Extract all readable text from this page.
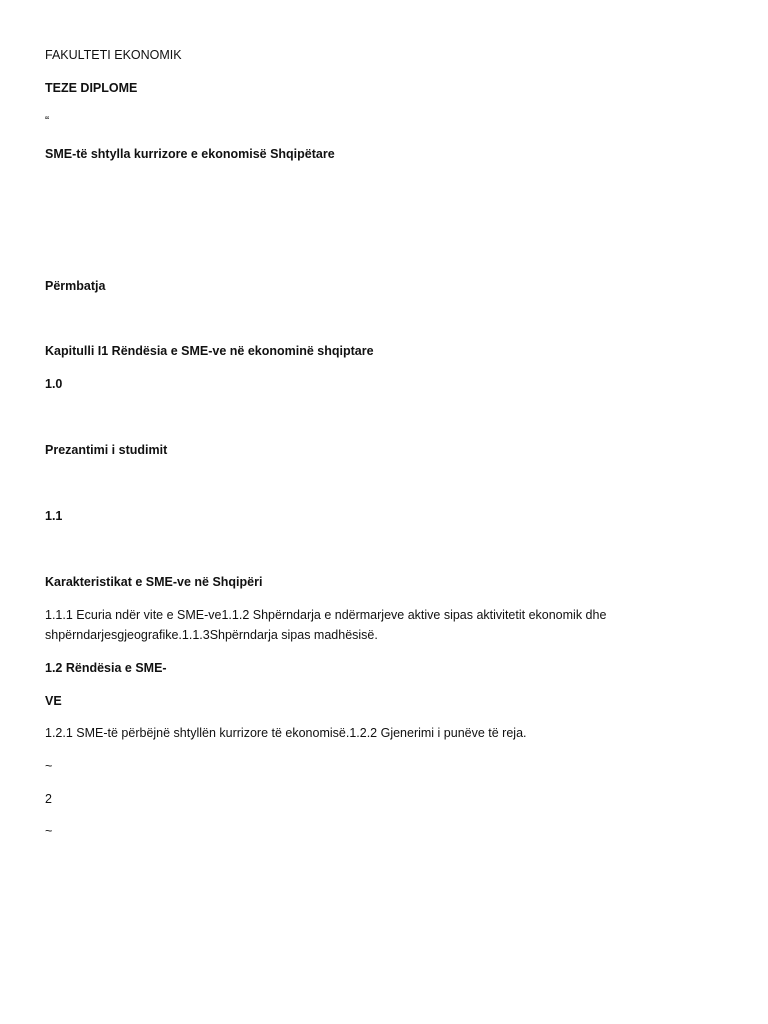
FAKULTETI EKONOMIK
TEZE DIPLOME
“
SME-të shtylla kurrizore e ekonomisë Shqipëtare
Përmbatja
Kapitulli I1 Rëndësia e SME-ve në ekonominë shqiptare
1.0
Prezantimi i studimit
1.1
Karakteristikat e SME-ve në Shqipëri
1.1.1 Ecuria ndër vite e SME-ve1.1.2 Shpërndarja e ndërmarjeve aktive sipas aktivitetit ekonomik dhe
shpërndarjesgjeografike.1.1.3Shpërndarja sipas madhësisë.
1.2 Rëndësia e SME-
VE
1.2.1 SME-të përbëjnë shtyllën kurrizore të ekonomisë.1.2.2 Gjenerimi i punëve të reja.
~
2
~
